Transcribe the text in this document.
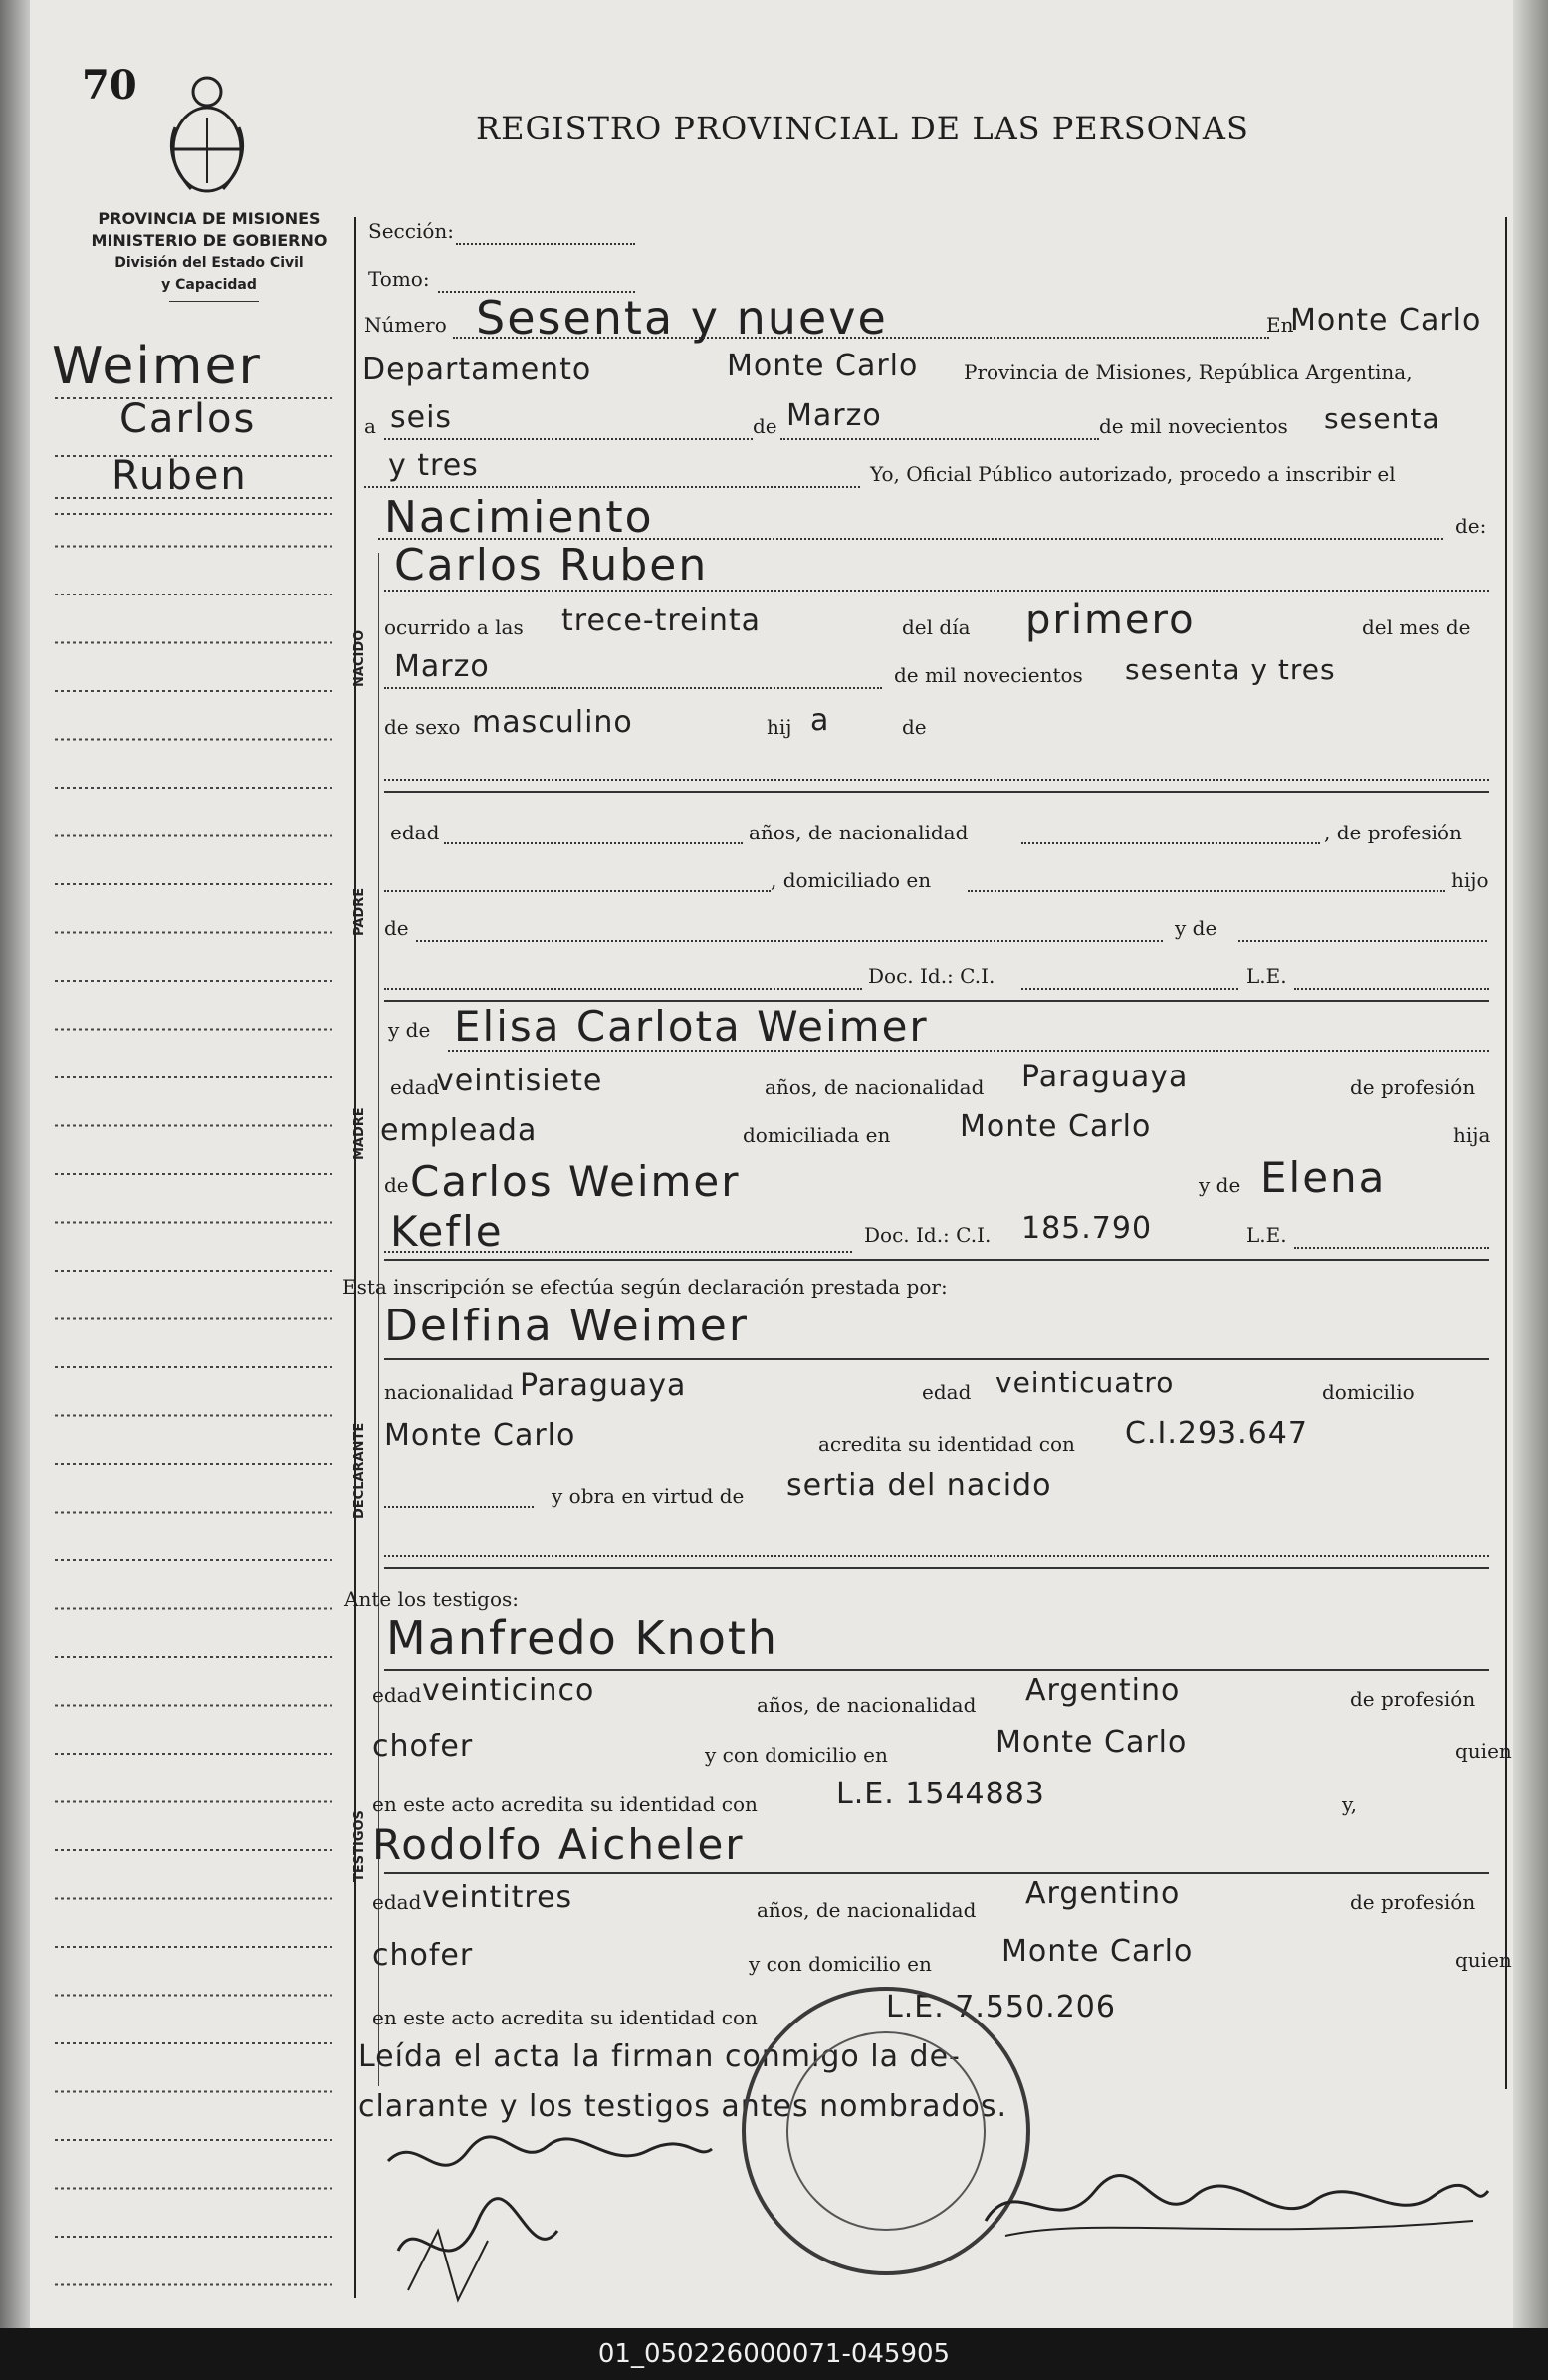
70
REGISTRO PROVINCIAL DE LAS PERSONAS
PROVINCIA DE MISIONES
MINISTERIO DE GOBIERNO
División del Estado Civil
y Capacidad
Weimer
Carlos
Ruben
NACIDO
PADRE
MADRE
DECLARANTE
TESTIGOS
Sección:
Tomo:
Número Sesenta y nueve	En
Monte Carlo
Departamento	Monte Carlo Provincia de Misiones, República Argentina,
a seis	de Marzo	de mil novecientos sesenta
y tres	Yo, Oficial Público autorizado, procedo a inscribir el
Nacimiento	de:
Carlos Ruben
ocurrido a las trece-treinta	del día primero	del mes de
Marzo	de mil novecientos sesenta y tres
de sexo masculino	hij a	de
edad	años, de nacionalidad	, de profesión
, domiciliado en	hijo
de	y de
Doc. Id.: C.I.	L.E.
y de Elisa Carlota Weimer
edad
veintisiete	años, de nacionalidad Paraguaya	de profesión
empleada	domiciliada en Monte Carlo	hija
de Carlos Weimer	y de Elena
Kefle	Doc. Id.: C.I. 185.790	L.E.
Esta inscripción se efectúa según declaración prestada por:
Delfina Weimer
nacionalidad Paraguaya	edad veinticuatro	domicilio
Monte Carlo	acredita su identidad con C.I.293.647
y obra en virtud de sertia del nacido
Ante los testigos:
Manfredo Knoth
edad veinticinco	años, de nacionalidad Argentino	de profesión
chofer	y con domicilio en	Monte Carlo	quien
en este acto acredita su identidad con	L.E. 1544883	y,
Rodolfo Aicheler
edad veintitres	años, de nacionalidad Argentino	de profesión
chofer	y con domicilio en Monte Carlo	quien
en este acto acredita su identidad con	L.E. 7.550.206
Leída el acta la firman conmigo la de-
clarante y los testigos antes nombrados.
01_050226000071-045905
